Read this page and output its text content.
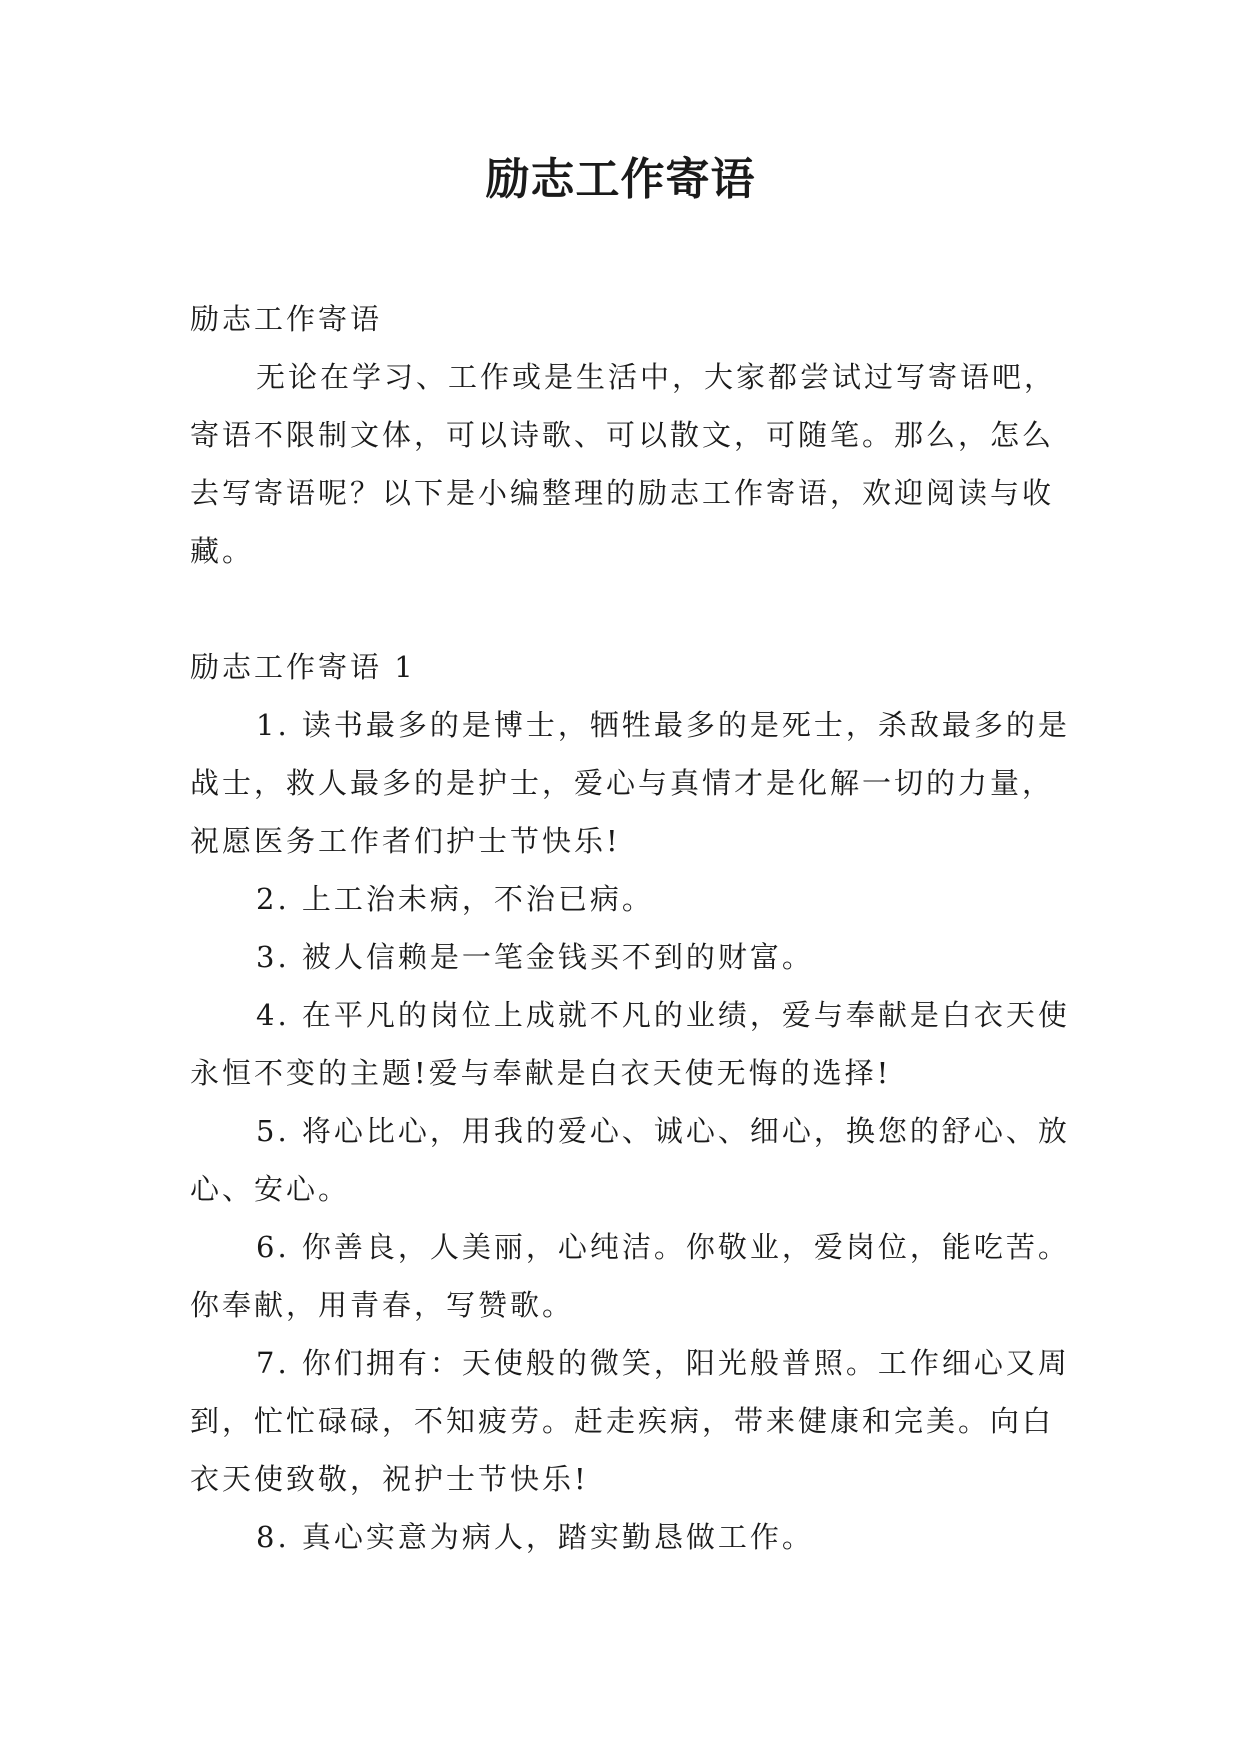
励志工作寄语

励志工作寄语

无论在学习、工作或是生活中，大家都尝试过写寄语吧，寄语不限制文体，可以诗歌、可以散文，可随笔。那么，怎么去写寄语呢？以下是小编整理的励志工作寄语，欢迎阅读与收藏。

励志工作寄语 1

1. 读书最多的是博士，牺牲最多的是死士，杀敌最多的是战士，救人最多的是护士，爱心与真情才是化解一切的力量，祝愿医务工作者们护士节快乐!

2. 上工治未病，不治已病。

3. 被人信赖是一笔金钱买不到的财富。

4. 在平凡的岗位上成就不凡的业绩，爱与奉献是白衣天使永恒不变的主题!爱与奉献是白衣天使无悔的选择!

5. 将心比心，用我的爱心、诚心、细心，换您的舒心、放心、安心。

6. 你善良，人美丽，心纯洁。你敬业，爱岗位，能吃苦。你奉献，用青春，写赞歌。

7. 你们拥有：天使般的微笑，阳光般普照。工作细心又周到，忙忙碌碌，不知疲劳。赶走疾病，带来健康和完美。向白衣天使致敬，祝护士节快乐!

8. 真心实意为病人，踏实勤恳做工作。
